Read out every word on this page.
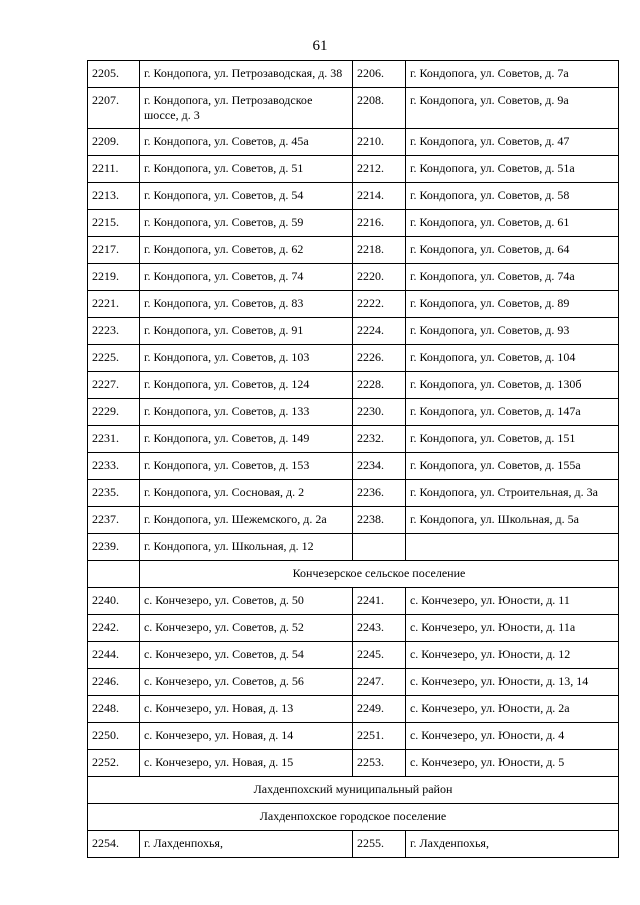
61
2205.	г. Кондопога, ул. Петрозаводская, д. 38	2206.	г. Кондопога, ул. Советов, д. 7а
2207.	г. Кондопога, ул. Петрозаводское шоссе, д. 3	2208.	г. Кондопога, ул. Советов, д. 9а
2209.	г. Кондопога, ул. Советов, д. 45а	2210.	г. Кондопога, ул. Советов, д. 47
2211.	г. Кондопога, ул. Советов, д. 51	2212.	г. Кондопога, ул. Советов, д. 51а
2213.	г. Кондопога, ул. Советов, д. 54	2214.	г. Кондопога, ул. Советов, д. 58
2215.	г. Кондопога, ул. Советов, д. 59	2216.	г. Кондопога, ул. Советов, д. 61
2217.	г. Кондопога, ул. Советов, д. 62	2218.	г. Кондопога, ул. Советов, д. 64
2219.	г. Кондопога, ул. Советов, д. 74	2220.	г. Кондопога, ул. Советов, д. 74а
2221.	г. Кондопога, ул. Советов, д. 83	2222.	г. Кондопога, ул. Советов, д. 89
2223.	г. Кондопога, ул. Советов, д. 91	2224.	г. Кондопога, ул. Советов, д. 93
2225.	г. Кондопога, ул. Советов, д. 103	2226.	г. Кондопога, ул. Советов, д. 104
2227.	г. Кондопога, ул. Советов, д. 124	2228.	г. Кондопога, ул. Советов, д. 130б
2229.	г. Кондопога, ул. Советов, д. 133	2230.	г. Кондопога, ул. Советов, д. 147а
2231.	г. Кондопога, ул. Советов, д. 149	2232.	г. Кондопога, ул. Советов, д. 151
2233.	г. Кондопога, ул. Советов, д. 153	2234.	г. Кондопога, ул. Советов, д. 155а
2235.	г. Кондопога, ул. Сосновая, д. 2	2236.	г. Кондопога, ул. Строительная, д. 3а
2237.	г. Кондопога, ул. Шежемского, д. 2а	2238.	г. Кондопога, ул. Школьная, д. 5а
2239.	г. Кондопога, ул. Школьная, д. 12		
	Кончезерское сельское поселение		
2240.	с. Кончезеро, ул. Советов, д. 50	2241.	с. Кончезеро, ул. Юности, д. 11
2242.	с. Кончезеро, ул. Советов, д. 52	2243.	с. Кончезеро, ул. Юности, д. 11а
2244.	с. Кончезеро, ул. Советов, д. 54	2245.	с. Кончезеро, ул. Юности, д. 12
2246.	с. Кончезеро, ул. Советов, д. 56	2247.	с. Кончезеро, ул. Юности, д. 13, 14
2248.	с. Кончезеро, ул. Новая, д. 13	2249.	с. Кончезеро, ул. Юности, д. 2а
2250.	с. Кончезеро, ул. Новая, д. 14	2251.	с. Кончезеро, ул. Юности, д. 4
2252.	с. Кончезеро, ул. Новая, д. 15	2253.	с. Кончезеро, ул. Юности, д. 5
Лахденпохский муниципальный район			
Лахденпохское городское поселение			
2254.	г. Лахденпохья,	2255.	г. Лахденпохья,
